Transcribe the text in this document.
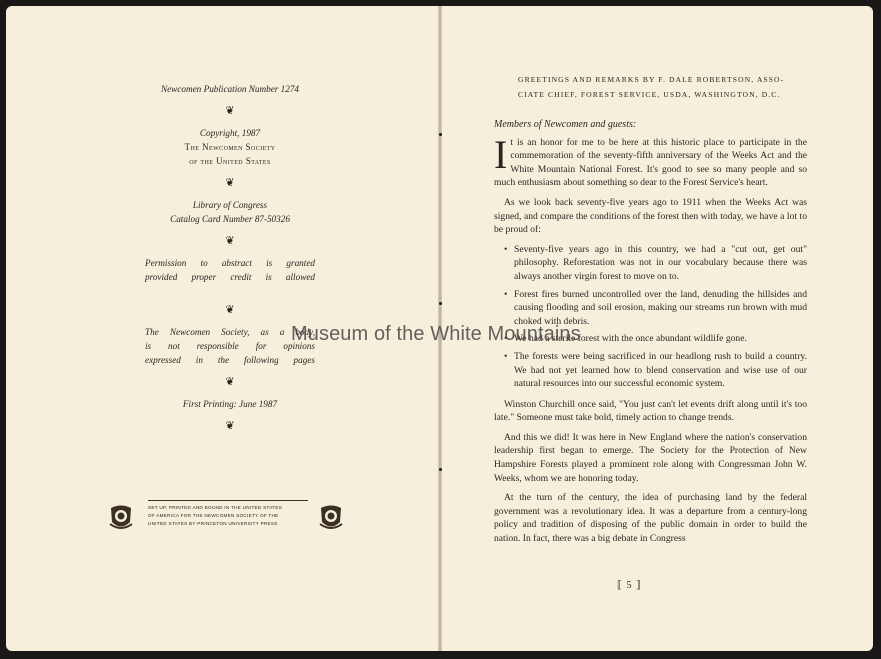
Newcomen Publication Number 1274

❦

Copyright, 1987

The Newcomen Society

of the United States

❦

Library of Congress

Catalog Card Number 87-50326

❦

Permission to abstract is granted

provided proper credit is allowed

❦

The Newcomen Society, as a body,

is not responsible for opinions

expressed in the following pages

❦

First Printing: June 1987

❦
SET UP, PRINTED AND BOUND IN THE UNITED STATES
OF AMERICA FOR THE NEWCOMEN SOCIETY OF THE
UNITED STATES BY PRINCETON UNIVERSITY PRESS
GREETINGS AND REMARKS BY F. DALE ROBERTSON, ASSO-
CIATE CHIEF, FOREST SERVICE, USDA, WASHINGTON, D.C.

Members of Newcomen and guests:

It is an honor for me to be here at this historic place to participate in the commemoration of the seventy-fifth anniversary of the Weeks Act and the White Mountain National Forest. It's good to see so many people and so much enthusiasm about something so dear to the Forest Service's heart.

As we look back seventy-five years ago to 1911 when the Weeks Act was signed, and compare the conditions of the forest then with today, we have a lot to be proud of:

• Seventy-five years ago in this country, we had a "cut out, get out" philosophy. Reforestation was not in our vocabulary because there was always another virgin forest to move on to.
• Forest fires burned uncontrolled over the land, denuding the hillsides and causing flooding and soil erosion, making our streams run brown with mud choked with debris.
• We had a sterile forest with the once abundant wildlife gone.
• The forests were being sacrificed in our headlong rush to build a country. We had not yet learned how to blend conservation and wise use of our natural resources into our successful economic system.

Winston Churchill once said, "You just can't let events drift along until it's too late." Someone must take bold, timely action to change trends.

And this we did! It was here in New England where the nation's conservation leadership first began to emerge. The Society for the Protection of New Hampshire Forests played a prominent role along with Congressman John W. Weeks, whom we are honoring today.

At the turn of the century, the idea of purchasing land by the federal government was a revolutionary idea. It was a departure from a century-long policy and tradition of disposing of the public domain in order to build the nation. In fact, there was a big debate in Congress

⟦ 5 ⟧
Museum of the White Mountains
